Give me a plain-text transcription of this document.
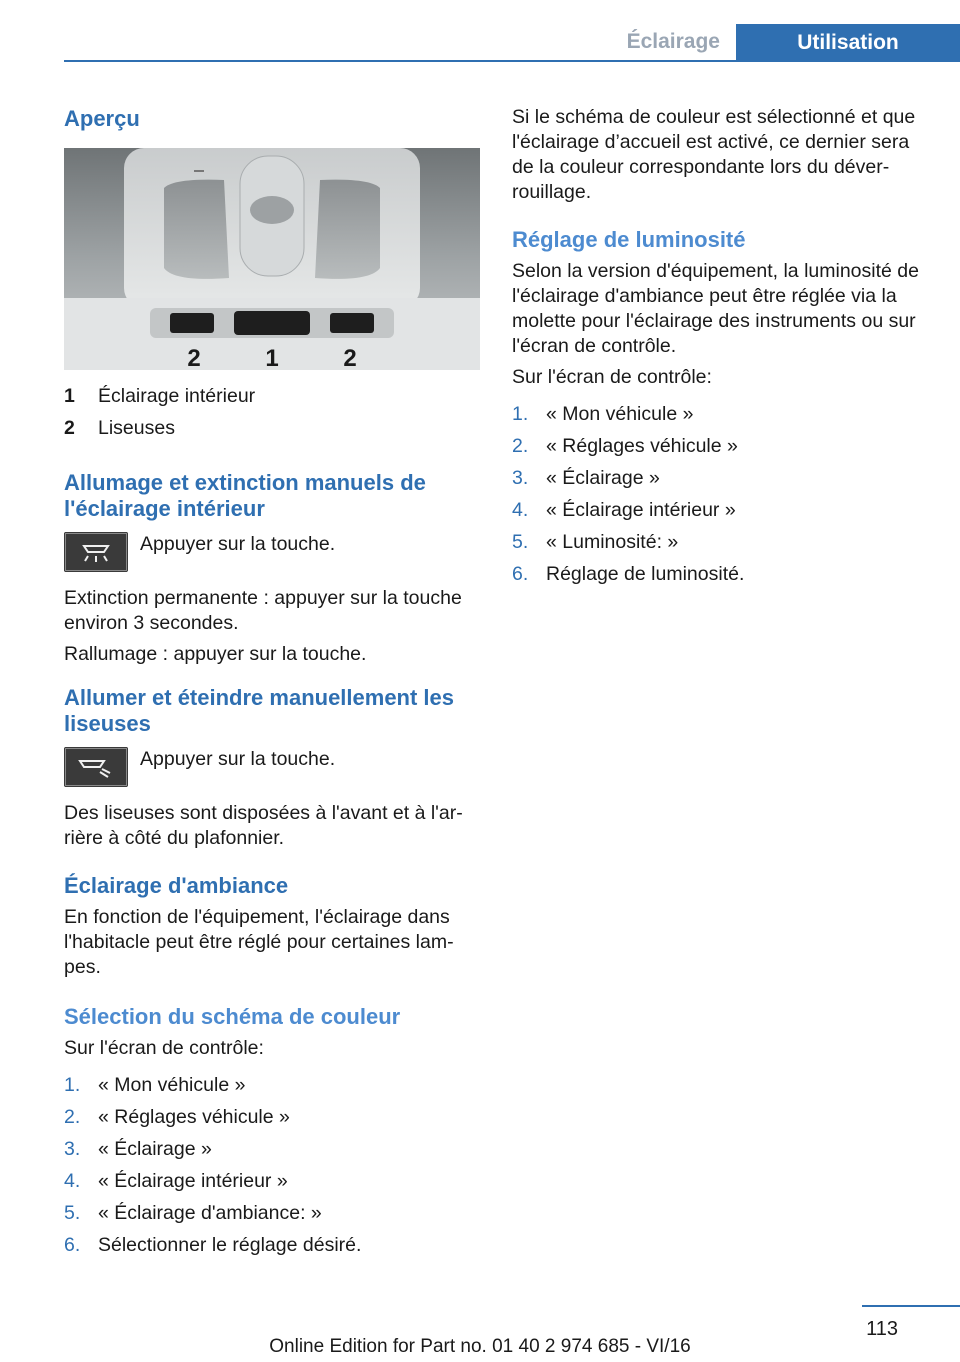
Éclairage	Utilisation
Aperçu
2	1	2
1	Éclairage intérieur
2	Liseuses
Allumage et extinction manuels de l'éclairage intérieur

Appuyer sur la touche.

Extinction permanente : appuyer sur la touche environ 3 secondes.

Rallumage : appuyer sur la touche.

Allumer et éteindre manuellement les liseuses

Appuyer sur la touche.

Des liseuses sont disposées à l'avant et à l'ar‐ rière à côté du plafonnier.

Éclairage d'ambiance

En fonction de l'équipement, l'éclairage dans l'habitacle peut être réglé pour certaines lam‐ pes.

Sélection du schéma de couleur

Sur l'écran de contrôle:

1. « Mon véhicule »
2. « Réglages véhicule »
3. « Éclairage »
4. « Éclairage intérieur »
5. « Éclairage d'ambiance: »
6. Sélectionner le réglage désiré.

Si le schéma de couleur est sélectionné et que l'éclairage d’accueil est activé, ce dernier sera de la couleur correspondante lors du déver‐ rouillage.

Réglage de luminosité

Selon la version d'équipement, la luminosité de l'éclairage d'ambiance peut être réglée via la molette pour l'éclairage des instruments ou sur l'écran de contrôle.

Sur l'écran de contrôle:

1. « Mon véhicule »
2. « Réglages véhicule »
3. « Éclairage »
4. « Éclairage intérieur »
5. « Luminosité: »
6. Réglage de luminosité.
113
Online Edition for Part no. 01 40 2 974 685 - VI/16
